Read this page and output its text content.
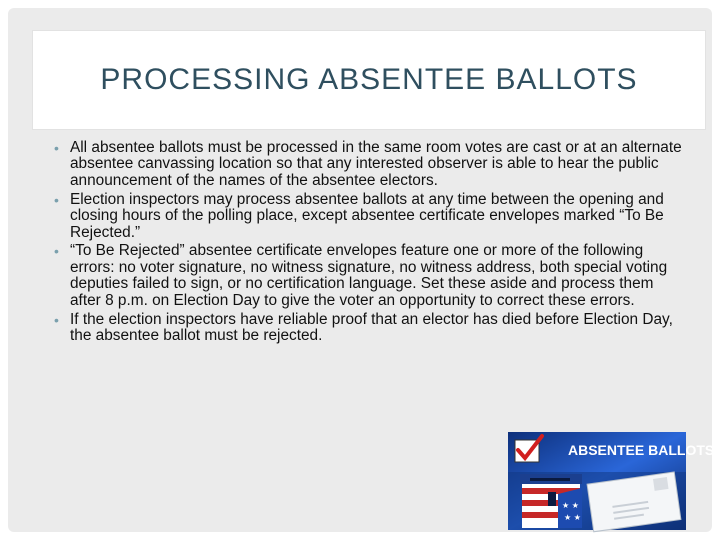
PROCESSING ABSENTEE BALLOTS
• All absentee ballots must be processed in the same room votes are cast or at an alternate absentee canvassing location so that any interested observer is able to hear the public announcement of the names of the absentee electors.
• Election inspectors may process absentee ballots at any time between the opening and closing hours of the polling place, except absentee certificate envelopes marked “To Be Rejected.”
• “To Be Rejected” absentee certificate envelopes feature one or more of the following errors: no voter signature, no witness signature, no witness address, both special voting deputies failed to sign, or no certification language. Set these aside and process them after 8 p.m. on Election Day to give the voter an opportunity to correct these errors.
• If the election inspectors have reliable proof that an elector has died before Election Day, the absentee ballot must be rejected.
ABSENTEE BALLOTS
★ ★
★ ★
